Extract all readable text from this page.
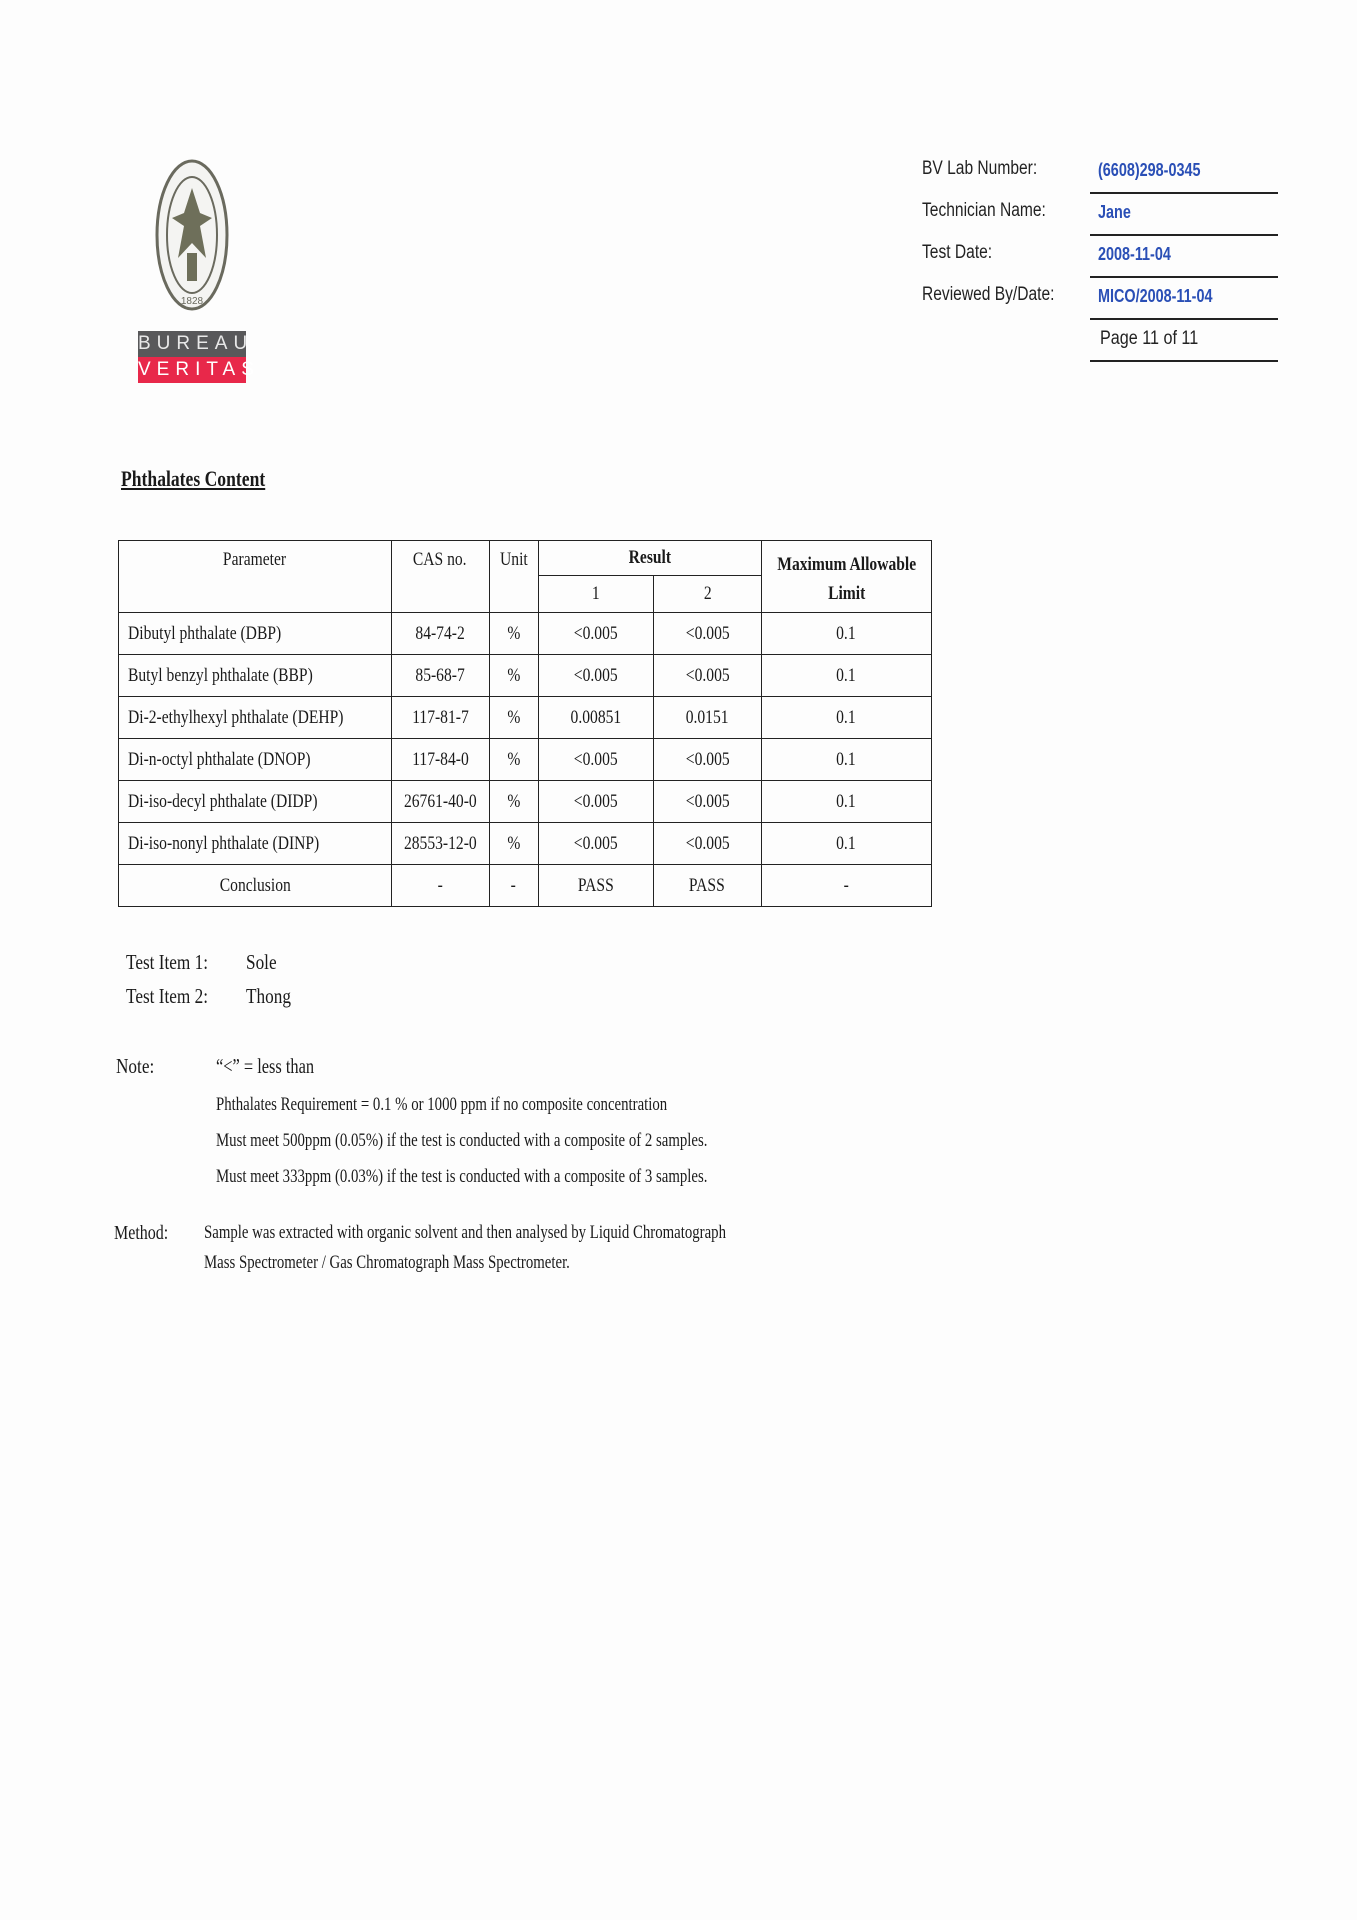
1828
BUREAU
VERITAS
BV Lab Number:	(6608)298-0345
Technician Name:	Jane
Test Date:	2008-11-04
Reviewed By/Date: MICO/2008-11-04
Page 11 of 11
Phthalates Content
Parameter	CAS no.	Unit	Result		Maximum Allowable
			1	2	Limit
Dibutyl phthalate (DBP)	84-74-2	%	<0.005	<0.005	0.1
Butyl benzyl phthalate (BBP)	85-68-7	%	<0.005	<0.005	0.1
Di-2-ethylhexyl phthalate (DEHP)	117-81-7	%	0.00851	0.0151	0.1
Di-n-octyl phthalate (DNOP)	117-84-0	%	<0.005	<0.005	0.1
Di-iso-decyl phthalate (DIDP)	26761-40-0	%	<0.005	<0.005	0.1
Di-iso-nonyl phthalate (DINP)	28553-12-0	%	<0.005	<0.005	0.1
Conclusion	-	-	PASS	PASS	-
Test Item 1: Sole
Test Item 2: Thong
Note:	“<” = less than
Phthalates Requirement = 0.1 % or 1000 ppm if no composite concentration
Must meet 500ppm (0.05%) if the test is conducted with a composite of 2 samples.
Must meet 333ppm (0.03%) if the test is conducted with a composite of 3 samples.
Method: Sample was extracted with organic solvent and then analysed by Liquid Chromatograph
Mass Spectrometer / Gas Chromatograph Mass Spectrometer.
